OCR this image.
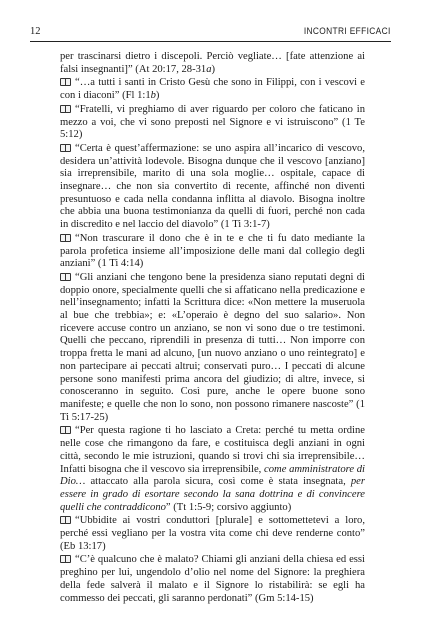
12	INCONTRI EFFICACI

per trascinarsi dietro i discepoli. Perciò vegliate… [fate attenzione ai falsi insegnanti]” (At 20:17, 28-31a)

“…a tutti i santi in Cristo Gesù che sono in Filippi, con i vescovi e con i diaconi” (Fl 1:1b)

“Fratelli, vi preghiamo di aver riguardo per coloro che faticano in mezzo a voi, che vi sono preposti nel Signore e vi istruiscono” (1 Te 5:12)

“Certa è quest’affermazione: se uno aspira all’incarico di vescovo, desidera un’attività lodevole. Bisogna dunque che il vescovo [anziano] sia irreprensibile, marito di una sola moglie… ospitale, capace di insegnare… che non sia convertito di recente, affinché non diventi presuntuoso e cada nella condanna inflitta al diavolo. Bisogna inoltre che abbia una buona testimonianza da quelli di fuori, perché non cada in discredito e nel laccio del diavolo” (1 Ti 3:1-7)

“Non trascurare il dono che è in te e che ti fu dato mediante la parola profetica insieme all’imposizione delle mani dal collegio degli anziani” (1 Ti 4:14)

“Gli anziani che tengono bene la presidenza siano reputati degni di doppio onore, specialmente quelli che si affaticano nella predicazione e nell’insegnamento; infatti la Scrittura dice: «Non mettere la museruola al bue che trebbia»; e: «L’operaio è degno del suo salario». Non ricevere accuse contro un anziano, se non vi sono due o tre testimoni. Quelli che peccano, riprendili in presenza di tutti… Non imporre con troppa fretta le mani ad alcuno, [un nuovo anziano o uno reintegrato] e non partecipare ai peccati altrui; conservati puro… I peccati di alcune persone sono manifesti prima ancora del giudizio; di altre, invece, si conosceranno in seguito. Così pure, anche le opere buone sono manifeste; e quelle che non lo sono, non possono rimanere nascoste” (1 Ti 5:17-25)

“Per questa ragione ti ho lasciato a Creta: perché tu metta ordine nelle cose che rimangono da fare, e costituisca degli anziani in ogni città, secondo le mie istruzioni, quando si trovi chi sia irreprensibile… Infatti bisogna che il vescovo sia irreprensibile, come amministratore di Dio… attaccato alla parola sicura, così come è stata insegnata, per essere in grado di esortare secondo la sana dottrina e di convincere quelli che contraddicono” (Tt 1:5-9; corsivo aggiunto)

“Ubbidite ai vostri conduttori [plurale] e sottomettetevi a loro, perché essi vegliano per la vostra vita come chi deve renderne conto” (Eb 13:17)

“C’è qualcuno che è malato? Chiami gli anziani della chiesa ed essi preghino per lui, ungendolo d’olio nel nome del Signore: la preghiera della fede salverà il malato e il Signore lo ristabilirà: se egli ha commesso dei peccati, gli saranno perdonati” (Gm 5:14-15)
